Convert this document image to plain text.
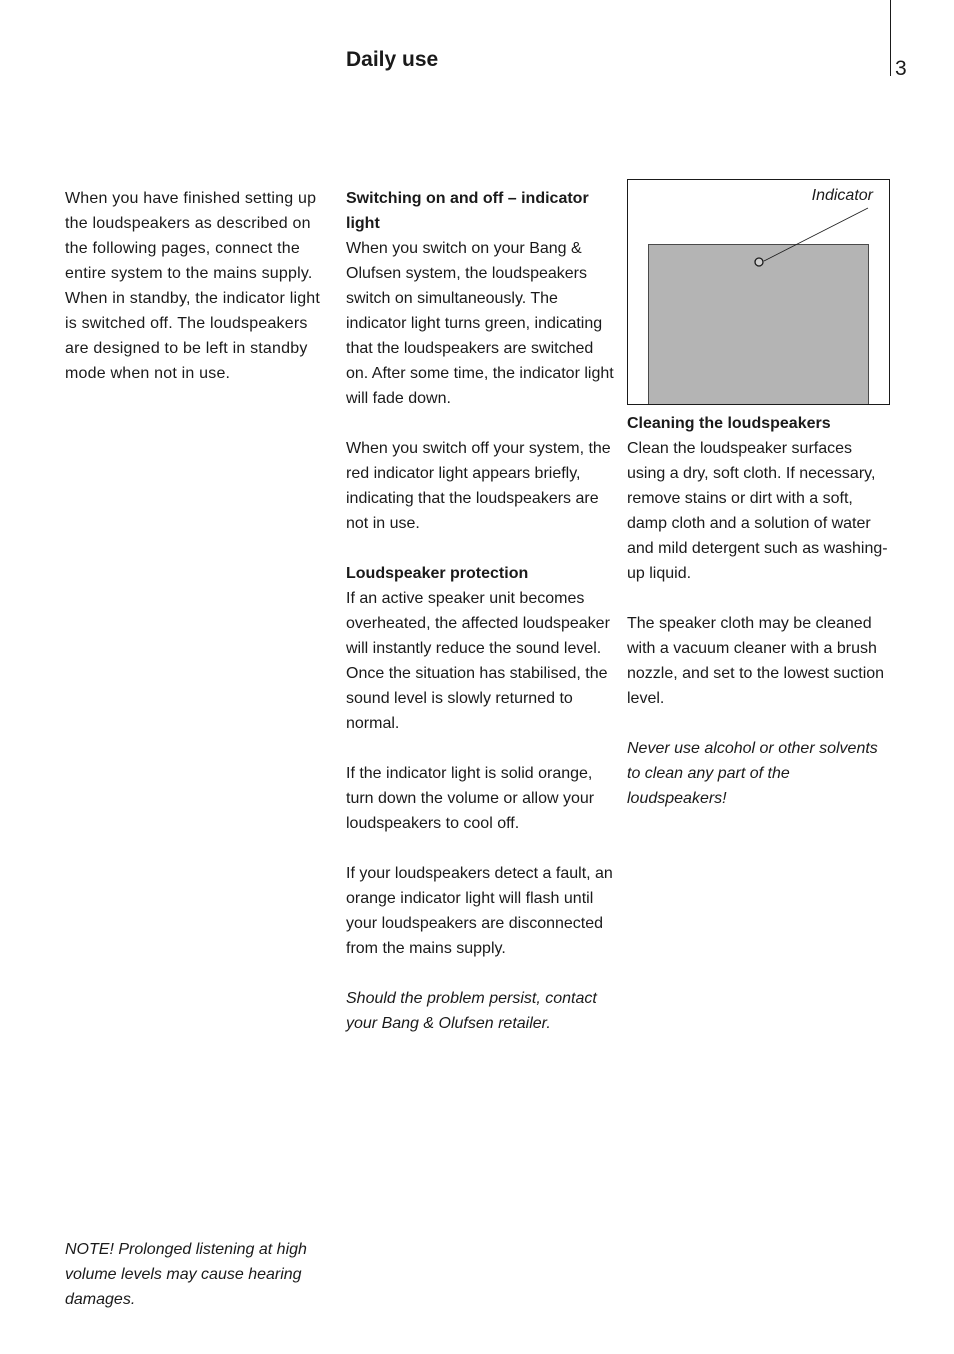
3
Daily use

When you have finished setting up the loudspeakers as described on the following pages, connect the entire system to the mains supply. When in standby, the indicator light is switched off. The loudspeakers are designed to be left in standby mode when not in use.

Switching on and off – indicator light

When you switch on your Bang & Olufsen system, the loudspeakers switch on simultaneously. The indicator light turns green, indicating that the loudspeakers are switched on. After some time, the indicator light will fade down.

When you switch off your system, the red indicator light appears briefly, indicating that the loudspeakers are not in use.

Loudspeaker protection

If an active speaker unit becomes overheated, the affected loudspeaker will instantly reduce the sound level. Once the situation has stabilised, the sound level is slowly returned to normal.

If the indicator light is solid orange, turn down the volume or allow your loudspeakers to cool off.

If your loudspeakers detect a fault, an orange indicator light will flash until your loudspeakers are disconnected from the mains supply.

Should the problem persist, contact your Bang & Olufsen retailer.

Indicator
Cleaning the loudspeakers

Clean the loudspeaker surfaces using a dry, soft cloth. If necessary, remove stains or dirt with a soft, damp cloth and a solution of water and mild detergent such as washing-up liquid.

The speaker cloth may be cleaned with a vacuum cleaner with a brush nozzle, and set to the lowest suction level.

Never use alcohol or other solvents to clean any part of the loudspeakers!

NOTE! Prolonged listening at high volume levels may cause hearing damages.
